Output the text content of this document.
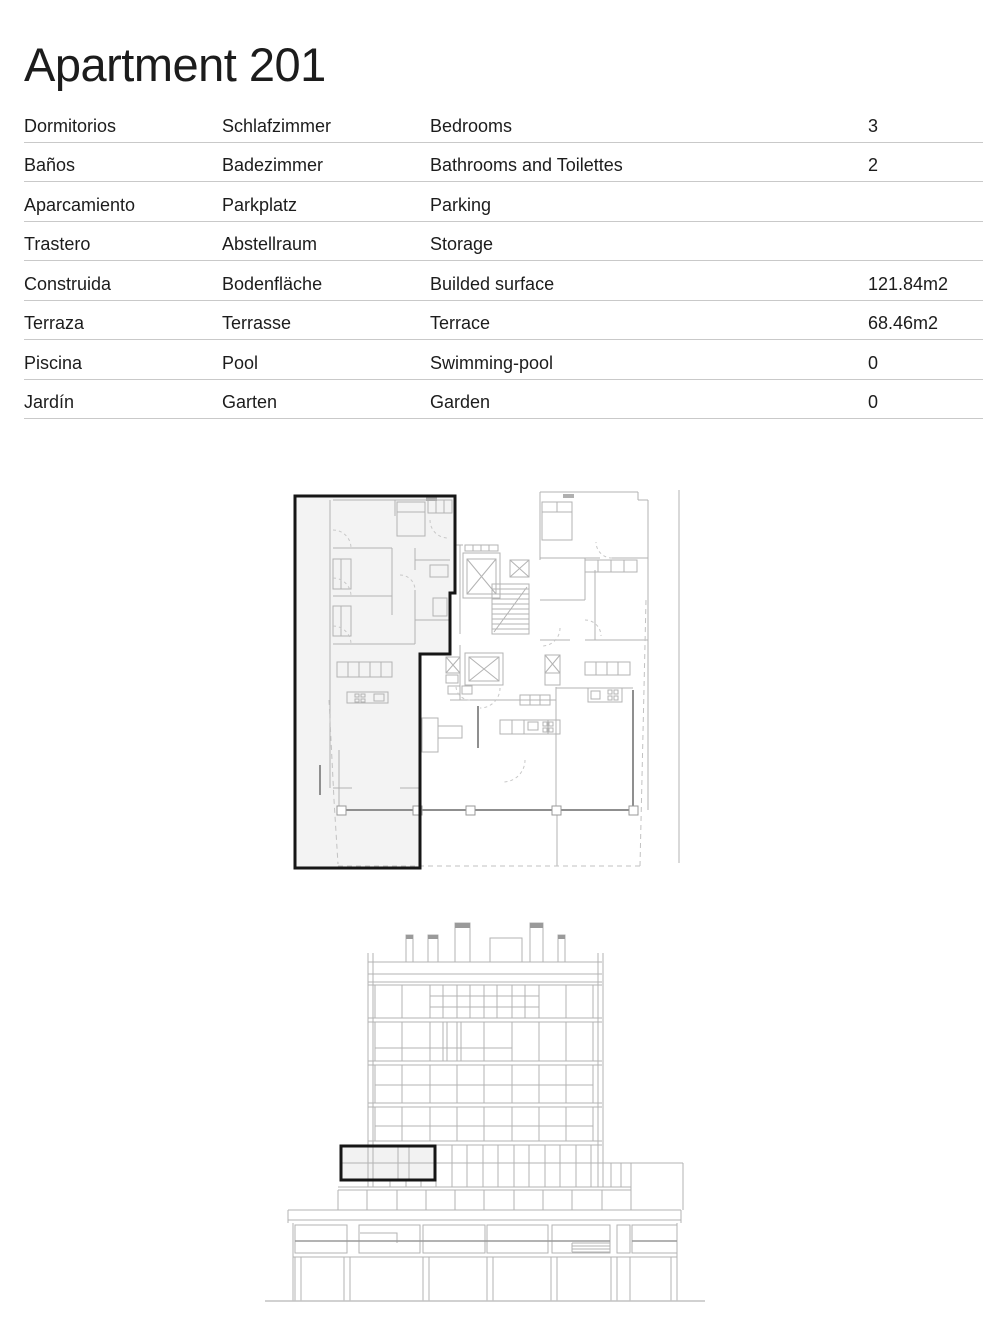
Apartment 201
Dormitorios	Schlafzimmer	Bedrooms	3
Baños	Badezimmer	Bathrooms and Toilettes	2
Aparcamiento	Parkplatz	Parking
Trastero	Abstellraum	Storage
Construida	Bodenfläche	Builded surface	121.84m2
Terraza	Terrasse	Terrace	68.46m2
Piscina	Pool	Swimming-pool	0
Jardín	Garten	Garden	0
